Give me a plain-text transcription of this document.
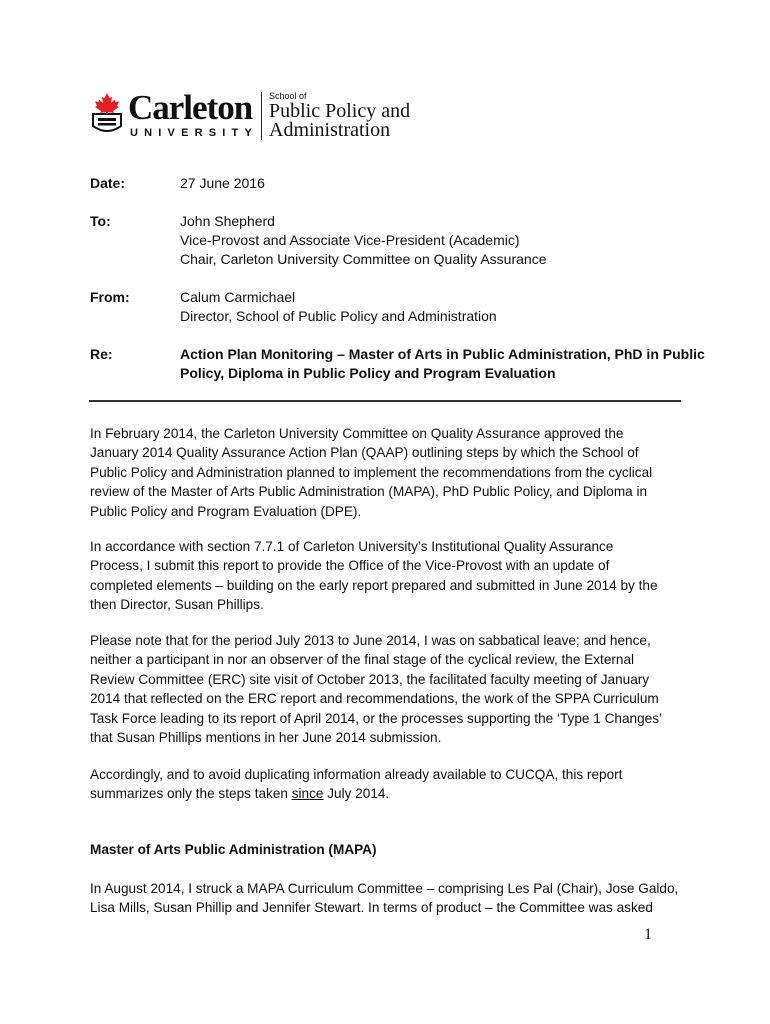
Carleton
UNIVERSITY
School of
Public Policy and
Administration
Date:	27 June 2016
To:	John Shepherd
Vice-Provost and Associate Vice-President (Academic)
Chair, Carleton University Committee on Quality Assurance
From:	Calum Carmichael
Director, School of Public Policy and Administration
Re:	Action Plan Monitoring – Master of Arts in Public Administration, PhD in Public
Policy, Diploma in Public Policy and Program Evaluation
In February 2014, the Carleton University Committee on Quality Assurance approved the
January 2014 Quality Assurance Action Plan (QAAP) outlining steps by which the School of
Public Policy and Administration planned to implement the recommendations from the cyclical
review of the Master of Arts Public Administration (MAPA), PhD Public Policy, and Diploma in
Public Policy and Program Evaluation (DPE).
In accordance with section 7.7.1 of Carleton University’s Institutional Quality Assurance
Process, I submit this report to provide the Office of the Vice-Provost with an update of
completed elements – building on the early report prepared and submitted in June 2014 by the
then Director, Susan Phillips.
Please note that for the period July 2013 to June 2014, I was on sabbatical leave; and hence,
neither a participant in nor an observer of the final stage of the cyclical review, the External
Review Committee (ERC) site visit of October 2013, the facilitated faculty meeting of January
2014 that reflected on the ERC report and recommendations, the work of the SPPA Curriculum
Task Force leading to its report of April 2014, or the processes supporting the ‘Type 1 Changes’
that Susan Phillips mentions in her June 2014 submission.
Accordingly, and to avoid duplicating information already available to CUCQA, this report
summarizes only the steps taken since July 2014.
Master of Arts Public Administration (MAPA)
In August 2014, I struck a MAPA Curriculum Committee – comprising Les Pal (Chair), Jose Galdo,
Lisa Mills, Susan Phillip and Jennifer Stewart. In terms of product – the Committee was asked
1
